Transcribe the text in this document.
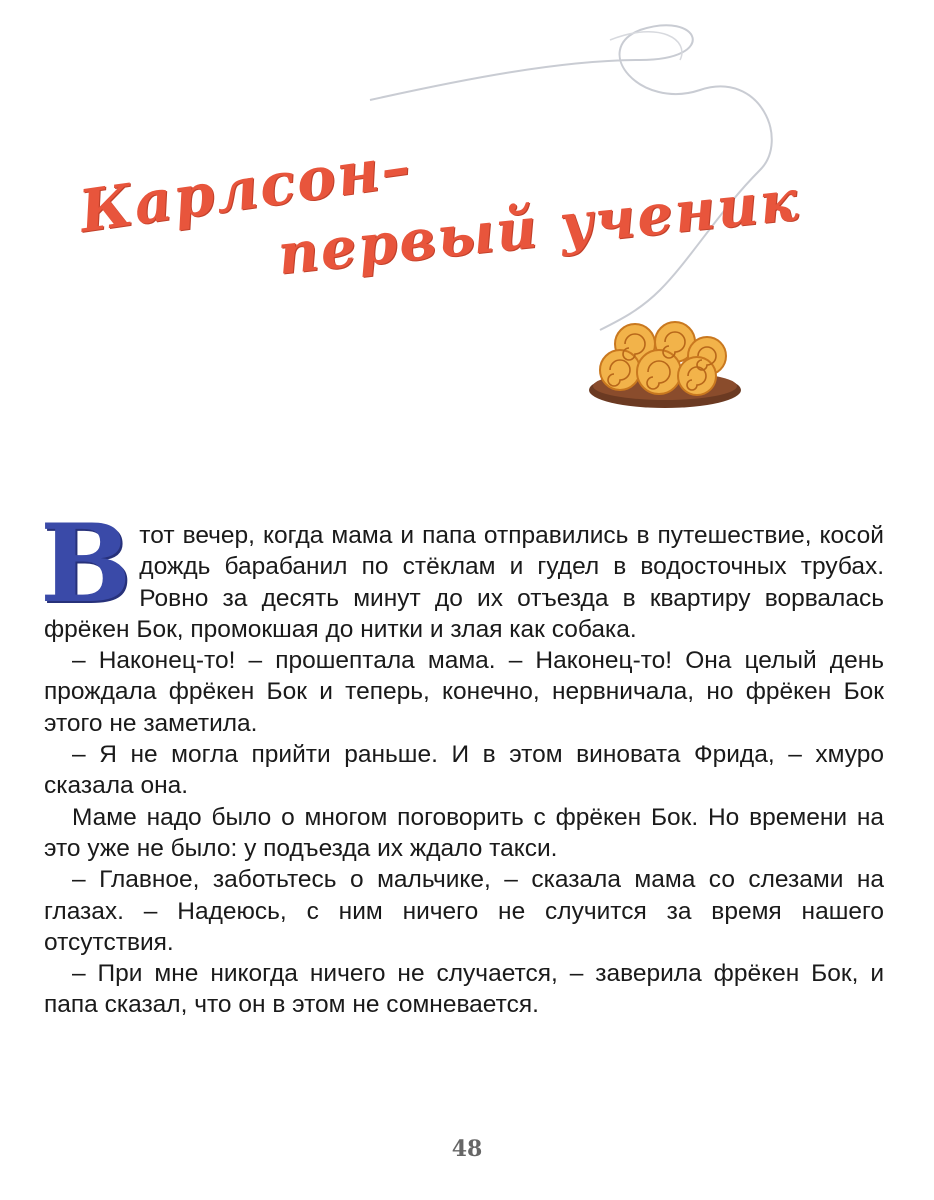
Карлсон–
первый ученик

Втот вечер, когда мама и папа отправились в путешествие, косой дождь барабанил по стёклам и гудел в водосточных трубах. Ровно за десять минут до их отъезда в квартиру ворвалась фрёкен Бок, промокшая до нитки и злая как собака.

– Наконец-то! – прошептала мама. – Наконец-то! Она целый день прождала фрёкен Бок и теперь, конечно, нервничала, но фрёкен Бок этого не заметила.

– Я не могла прийти раньше. И в этом виновата Фрида, – хмуро сказала она.

Маме надо было о многом поговорить с фрёкен Бок. Но времени на это уже не было: у подъезда их ждало такси.

– Главное, заботьтесь о мальчике, – сказала мама со слезами на глазах. – Надеюсь, с ним ничего не случится за время нашего отсутствия.

– При мне никогда ничего не случается, – заверила фрёкен Бок, и папа сказал, что он в этом не сомневается.

48
